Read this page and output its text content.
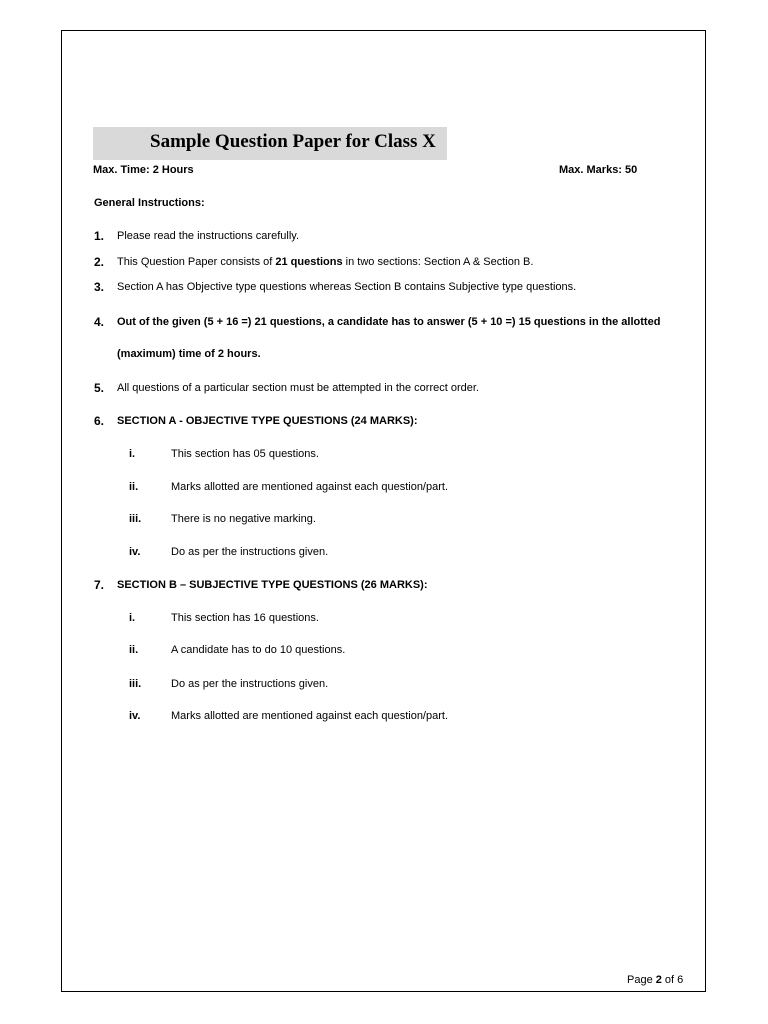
Sample Question Paper for Class X
Max. Time: 2 Hours	Max. Marks: 50
General Instructions:
1. Please read the instructions carefully.
2. This Question Paper consists of 21 questions in two sections: Section A & Section B.
3. Section A has Objective type questions whereas Section B contains Subjective type questions.
4. Out of the given (5 + 16 =) 21 questions, a candidate has to answer (5 + 10 =) 15 questions in the allotted
(maximum) time of 2 hours.
5. All questions of a particular section must be attempted in the correct order.
6. SECTION A - OBJECTIVE TYPE QUESTIONS (24 MARKS):
i.	This section has 05 questions.
ii.	Marks allotted are mentioned against each question/part.
iii.	There is no negative marking.
iv.	Do as per the instructions given.
7. SECTION B – SUBJECTIVE TYPE QUESTIONS (26 MARKS):
i.	This section has 16 questions.
ii.	A candidate has to do 10 questions.
iii.	Do as per the instructions given.
iv.	Marks allotted are mentioned against each question/part.
Page 2 of 6
